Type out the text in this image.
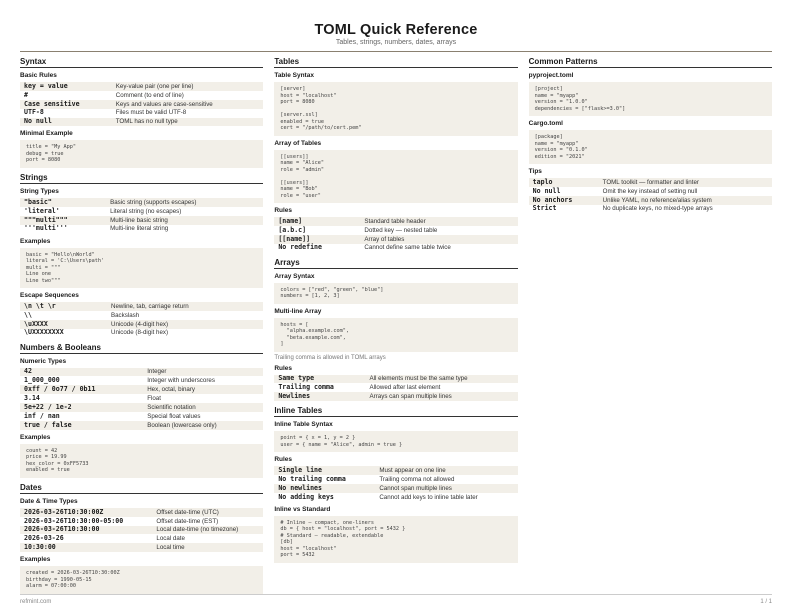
TOML Quick Reference
Tables, strings, numbers, dates, arrays
Syntax
Basic Rules
key = value	Key-value pair (one per line)
#	Comment (to end of line)
Case sensitive	Keys and values are case-sensitive
UTF-8	Files must be valid UTF-8
No null	TOML has no null type
Minimal Example
title = "My App"
debug = true
port = 8080
Strings
String Types
"basic"	Basic string (supports escapes)
'literal'	Literal string (no escapes)
"""multi"""	Multi-line basic string
'''multi'''	Multi-line literal string
Examples
basic = "Hello\nWorld"
literal = 'C:\Users\path'
multi = """
Line one
Line two"""
Escape Sequences
\n \t \r	Newline, tab, carriage return
\\	Backslash
\uXXXX	Unicode (4-digit hex)
\UXXXXXXXX	Unicode (8-digit hex)
Numbers & Booleans
Numeric Types
42	Integer
1_000_000	Integer with underscores
0xff / 0o77 / 0b11	Hex, octal, binary
3.14	Float
5e+22 / 1e-2	Scientific notation
inf / nan	Special float values
true / false	Boolean (lowercase only)
Examples
count = 42
price = 19.99
hex_color = 0xFF5733
enabled = true
Dates
Date & Time Types
2026-03-26T10:30:00Z	Offset date-time (UTC)
2026-03-26T10:30:00-05:00	Offset date-time (EST)
2026-03-26T10:30:00	Local date-time (no timezone)
2026-03-26	Local date
10:30:00	Local time
Examples
created = 2026-03-26T10:30:00Z
birthday = 1990-05-15
alarm = 07:00:00
Tables
Table Syntax
[server]
host = "localhost"
port = 8080

[server.ssl]
enabled = true
cert = "/path/to/cert.pem"
Array of Tables
[[users]]
name = "Alice"
role = "admin"

[[users]]
name = "Bob"
role = "user"
Rules
[name]	Standard table header
[a.b.c]	Dotted key — nested table
[[name]]	Array of tables
No redefine	Cannot define same table twice
Arrays
Array Syntax
colors = ["red", "green", "blue"]
numbers = [1, 2, 3]
Multi-line Array
hosts = [
"alpha.example.com",
"beta.example.com",
]
Trailing comma is allowed in TOML arrays
Rules
Same type	All elements must be the same type
Trailing comma	Allowed after last element
Newlines	Arrays can span multiple lines
Inline Tables
Inline Table Syntax
point = { x = 1, y = 2 }
user = { name = "Alice", admin = true }
Rules
Single line	Must appear on one line
No trailing comma	Trailing comma not allowed
No newlines	Cannot span multiple lines
No adding keys	Cannot add keys to inline table later
Inline vs Standard
# Inline — compact, one-liners
db = { host = "localhost", port = 5432 }
# Standard — readable, extendable
[db]
host = "localhost"
port = 5432
Common Patterns
pyproject.toml
[project]
name = "myapp"
version = "1.0.0"
dependencies = ["flask>=3.0"]
Cargo.toml
[package]
name = "myapp"
version = "0.1.0"
edition = "2021"
Tips
taplo	TOML toolkit — formatter and linter
No null	Omit the key instead of setting null
No anchors	Unlike YAML, no reference/alias system
Strict	No duplicate keys, no mixed-type arrays
refmint.com	1 / 1
